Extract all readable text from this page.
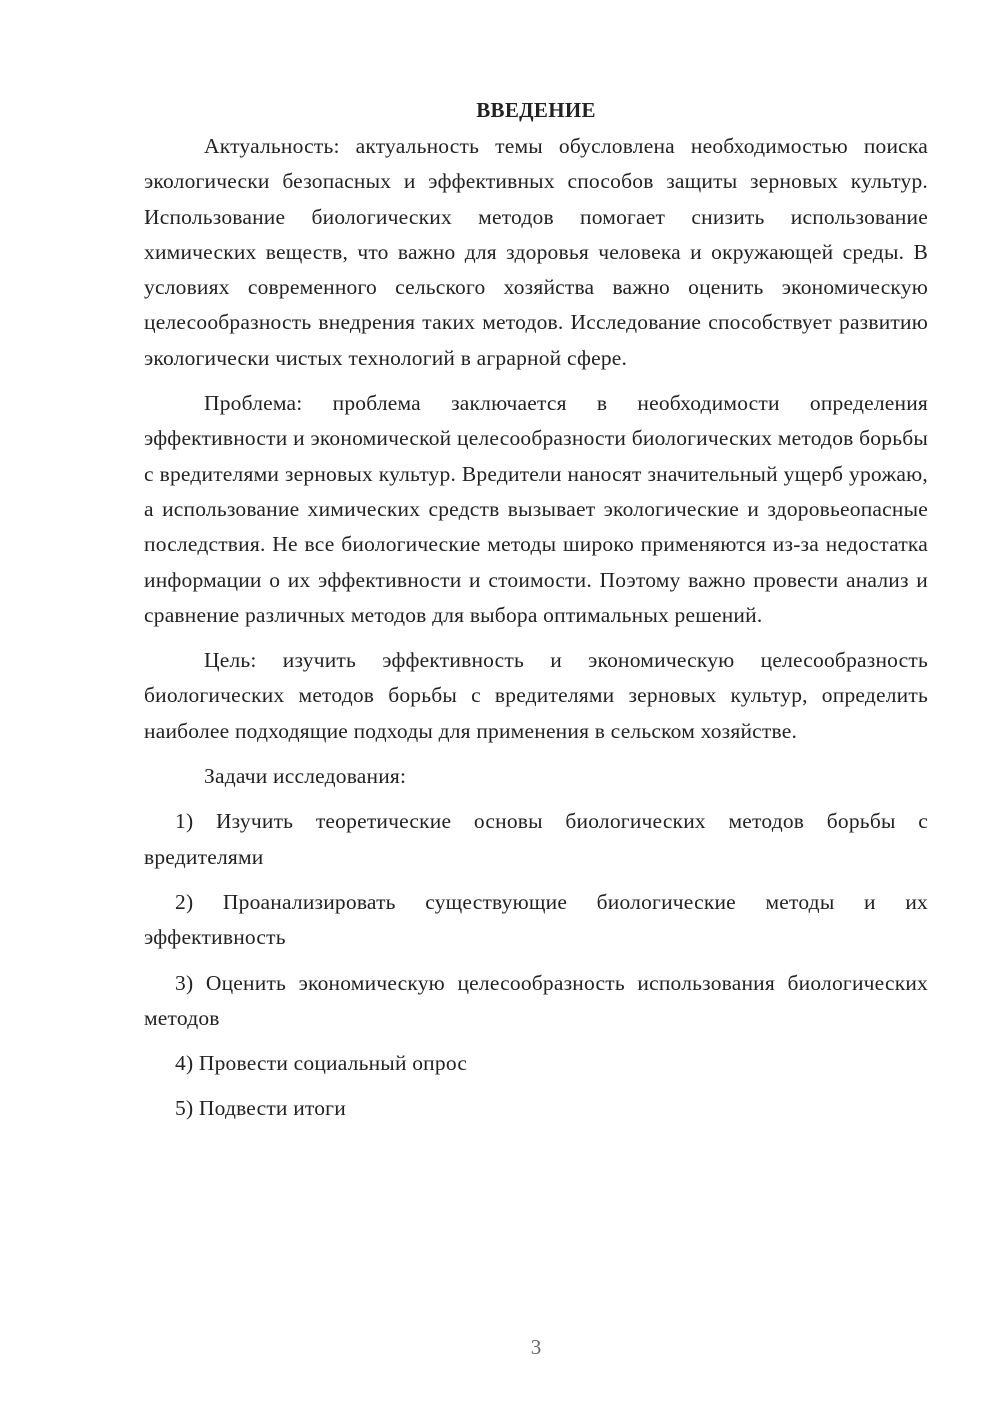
ВВЕДЕНИЕ

Актуальность: актуальность темы обусловлена необходимостью поиска экологически безопасных и эффективных способов защиты зерновых культур. Использование биологических методов помогает снизить использование химических веществ, что важно для здоровья человека и окружающей среды. В условиях современного сельского хозяйства важно оценить экономическую целесообразность внедрения таких методов. Исследование способствует развитию экологически чистых технологий в аграрной сфере.

Проблема: проблема заключается в необходимости определения эффективности и экономической целесообразности биологических методов борьбы с вредителями зерновых культур. Вредители наносят значительный ущерб урожаю, а использование химических средств вызывает экологические и здоровьеопасные последствия. Не все биологические методы широко применяются из-за недостатка информации о их эффективности и стоимости. Поэтому важно провести анализ и сравнение различных методов для выбора оптимальных решений.

Цель: изучить эффективность и экономическую целесообразность биологических методов борьбы с вредителями зерновых культур, определить наиболее подходящие подходы для применения в сельском хозяйстве.

Задачи исследования:

1) Изучить теоретические основы биологических методов борьбы с вредителями

2) Проанализировать существующие биологические методы и их эффективность

3) Оценить экономическую целесообразность использования биологических методов

4) Провести социальный опрос

5) Подвести итоги

3
